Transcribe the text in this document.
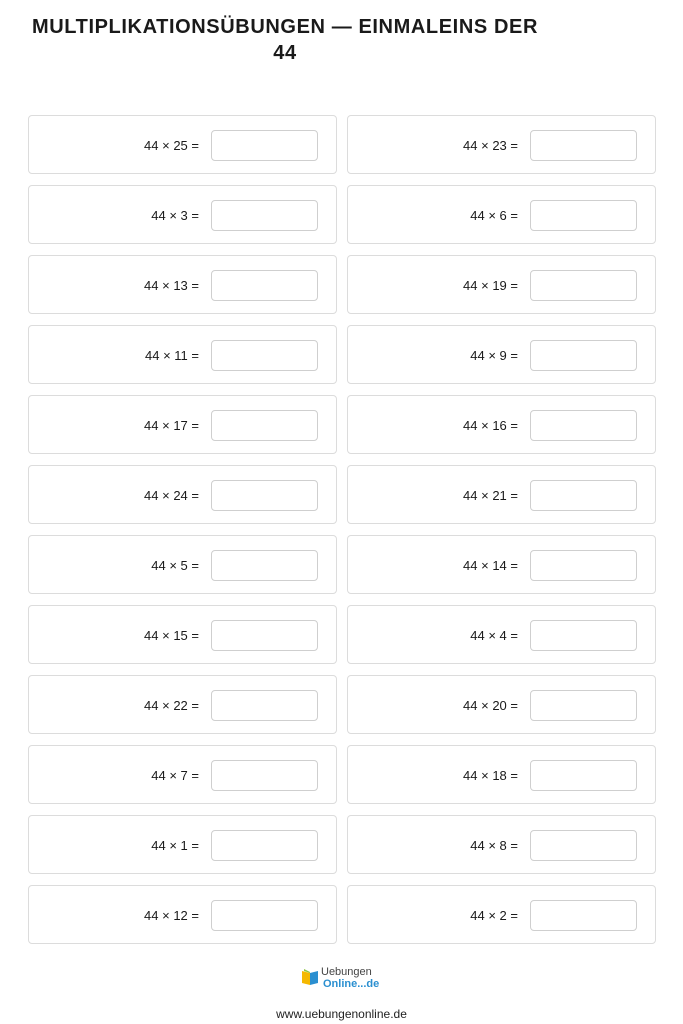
MULTIPLIKATIONSÜBUNGEN — EINMALEINS DER
44
44 × 25 =	44 × 23 =
44 × 3 =	44 × 6 =
44 × 13 =	44 × 19 =
44 × 11 =	44 × 9 =
44 × 17 =	44 × 16 =
44 × 24 =	44 × 21 =
44 × 5 =	44 × 14 =
44 × 15 =	44 × 4 =
44 × 22 =	44 × 20 =
44 × 7 =	44 × 18 =
44 × 1 =	44 × 8 =
44 × 12 =	44 × 2 =
Uebungen
Online...de
www.uebungenonline.de
